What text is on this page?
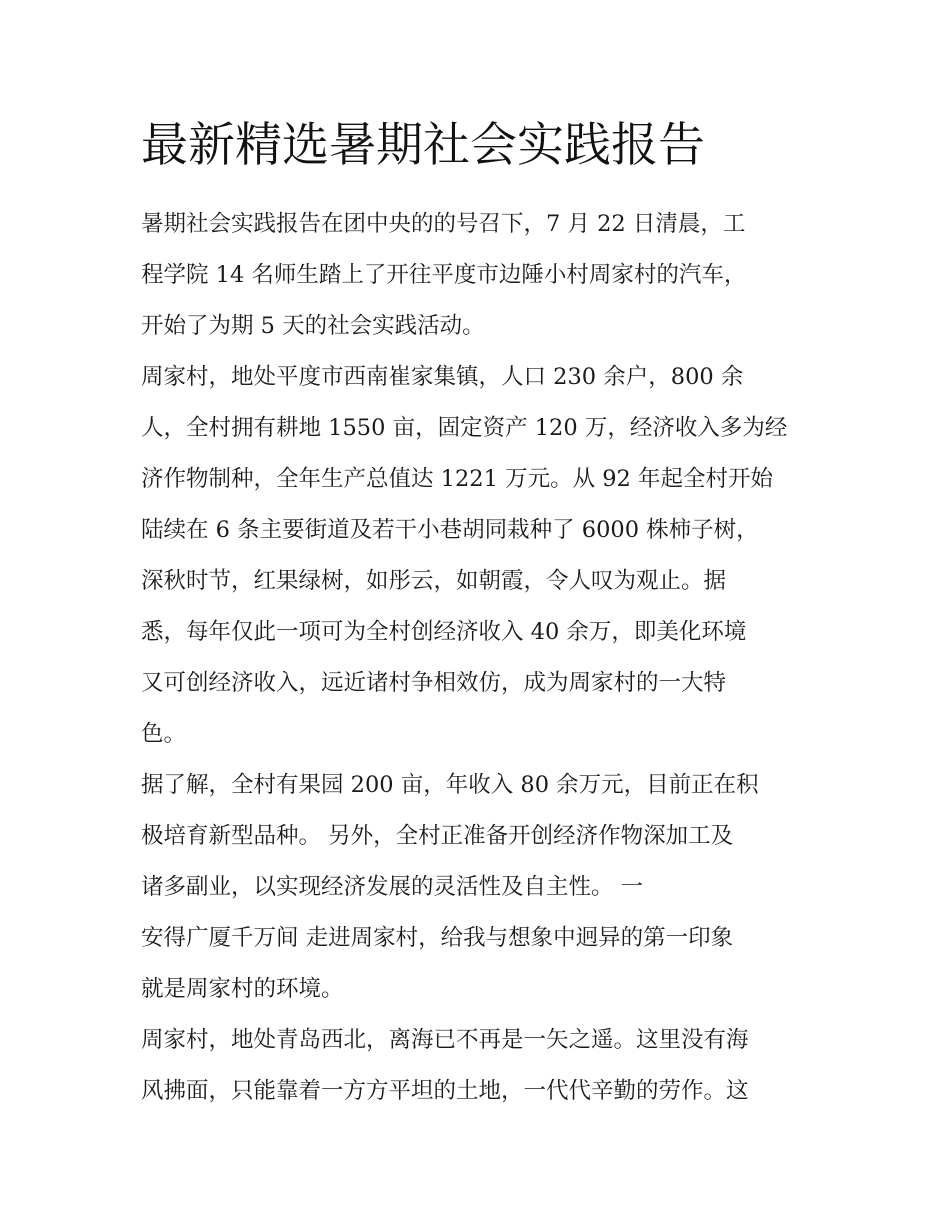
最新精选暑期社会实践报告

暑期社会实践报告在团中央的的号召下，7 月 22 日清晨，工
程学院 14 名师生踏上了开往平度市边陲小村周家村的汽车，
开始了为期 5 天的社会实践活动。

周家村，地处平度市西南崔家集镇，人口 230 余户，800 余
人，全村拥有耕地 1550 亩，固定资产 120 万，经济收入多为经
济作物制种，全年生产总值达 1221 万元。从 92 年起全村开始
陆续在 6 条主要街道及若干小巷胡同栽种了 6000 株柿子树，
深秋时节，红果绿树，如彤云，如朝霞，令人叹为观止。据
悉，每年仅此一项可为全村创经济收入 40 余万，即美化环境
又可创经济收入，远近诸村争相效仿，成为周家村的一大特
色。

据了解，全村有果园 200 亩，年收入 80 余万元，目前正在积
极培育新型品种。 另外，全村正准备开创经济作物深加工及
诸多副业，以实现经济发展的灵活性及自主性。 一

安得广厦千万间 走进周家村，给我与想象中迥异的第一印象
就是周家村的环境。

周家村，地处青岛西北，离海已不再是一矢之遥。这里没有海
风拂面，只能靠着一方方平坦的土地，一代代辛勤的劳作。这
